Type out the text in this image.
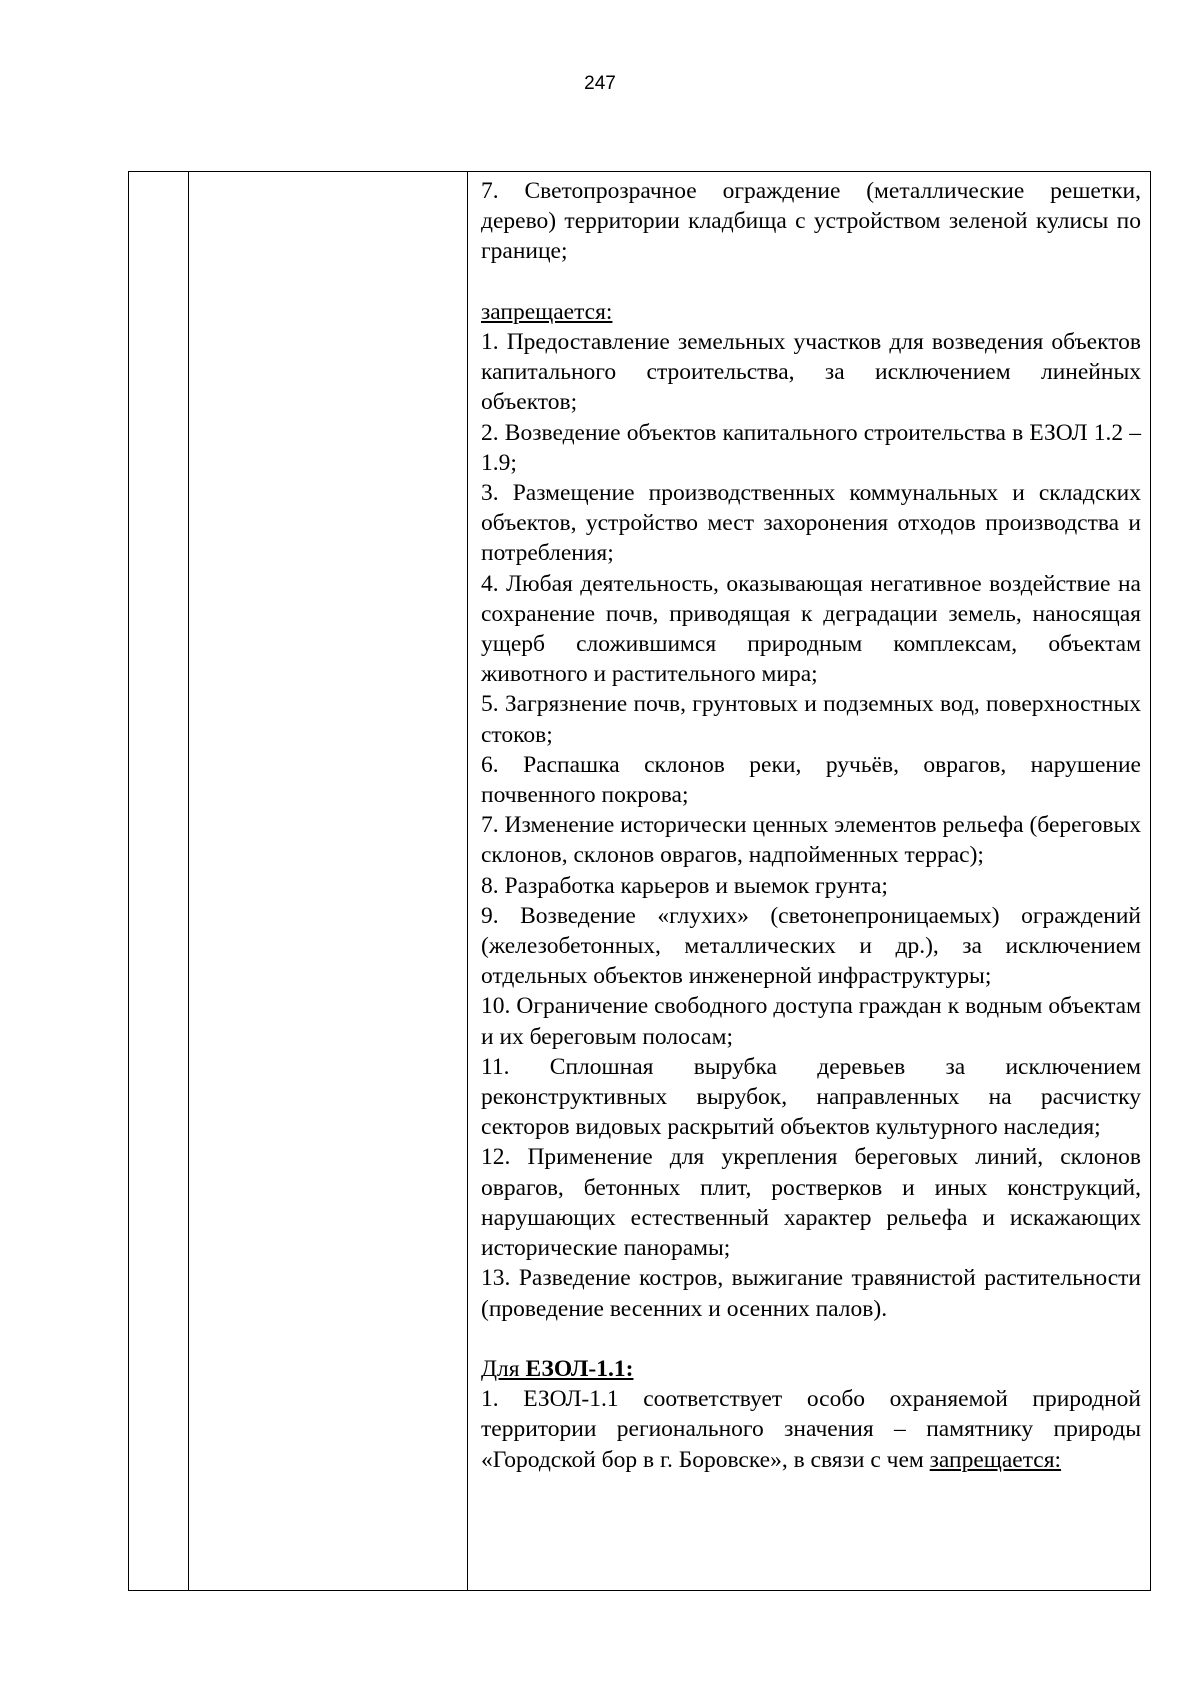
247

7. Светопрозрачное ограждение (металлические решетки, дерево) территории кладбища с устройством зеленой кулисы по границе;

запрещается:

1. Предоставление земельных участков для возведения объектов капитального строительства, за исключением линейных объектов;

2. Возведение объектов капитального строительства в ЕЗОЛ 1.2 – 1.9;

3. Размещение производственных коммунальных и складских объектов, устройство мест захоронения отходов производства и потребления;

4. Любая деятельность, оказывающая негативное воздействие на сохранение почв, приводящая к деградации земель, наносящая ущерб сложившимся природным комплексам, объектам животного и растительного мира;

5. Загрязнение почв, грунтовых и подземных вод, поверхностных стоков;

6. Распашка склонов реки, ручьёв, оврагов, нарушение почвенного покрова;

7. Изменение исторически ценных элементов рельефа (береговых склонов, склонов оврагов, надпойменных террас);

8. Разработка карьеров и выемок грунта;

9. Возведение «глухих» (светонепроницаемых) ограждений (железобетонных, металлических и др.), за исключением отдельных объектов инженерной инфраструктуры;

10. Ограничение свободного доступа граждан к водным объектам и их береговым полосам;

11. Сплошная вырубка деревьев за исключением реконструктивных вырубок, направленных на расчистку секторов видовых раскрытий объектов культурного наследия;

12. Применение для укрепления береговых линий, склонов оврагов, бетонных плит, ростверков и иных конструкций, нарушающих естественный характер рельефа и искажающих исторические панорамы;

13. Разведение костров, выжигание травянистой растительности (проведение весенних и осенних палов).

Для ЕЗОЛ-1.1:

1. ЕЗОЛ-1.1 соответствует особо охраняемой природной территории регионального значения – памятнику природы «Городской бор в г. Боровске», в связи с чем запрещается:
